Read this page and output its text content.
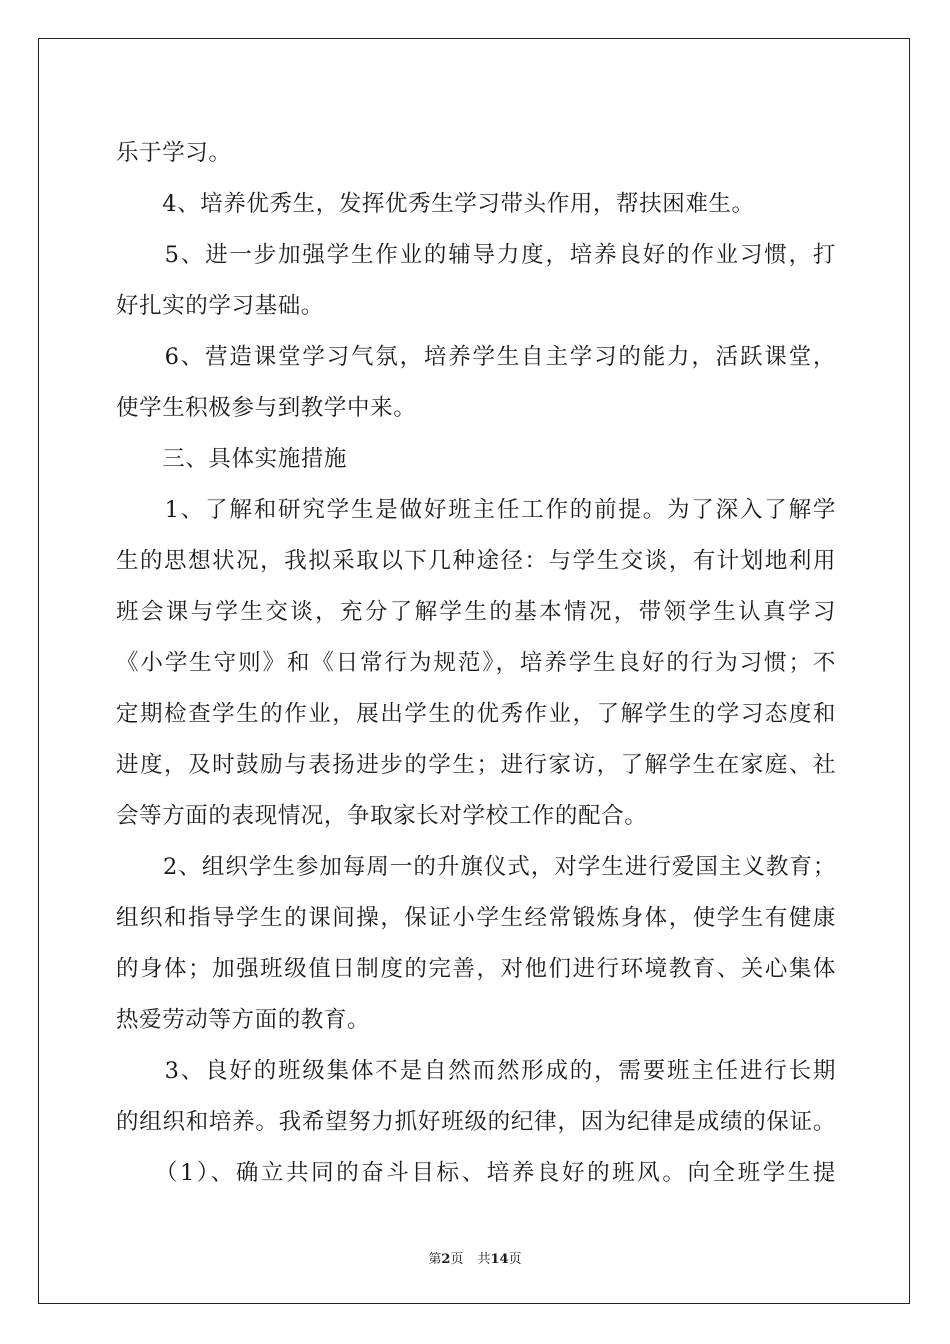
乐于学习。
　　4、培养优秀生，发挥优秀生学习带头作用，帮扶困难生。
　　5、进一步加强学生作业的辅导力度，培养良好的作业习惯，打
好扎实的学习基础。
　　6、营造课堂学习气氛，培养学生自主学习的能力，活跃课堂，
使学生积极参与到教学中来。
　　三、具体实施措施
　　1、了解和研究学生是做好班主任工作的前提。为了深入了解学
生的思想状况，我拟采取以下几种途径：与学生交谈，有计划地利用
班会课与学生交谈，充分了解学生的基本情况，带领学生认真学习
《小学生守则》和《日常行为规范》，培养学生良好的行为习惯；不
定期检查学生的作业，展出学生的优秀作业，了解学生的学习态度和
进度，及时鼓励与表扬进步的学生；进行家访，了解学生在家庭、社
会等方面的表现情况，争取家长对学校工作的配合。
　　2、组织学生参加每周一的升旗仪式，对学生进行爱国主义教育；
组织和指导学生的课间操，保证小学生经常锻炼身体，使学生有健康
的身体；加强班级值日制度的完善，对他们进行环境教育、关心集体
热爱劳动等方面的教育。
　　3、良好的班级集体不是自然而然形成的，需要班主任进行长期
的组织和培养。我希望努力抓好班级的纪律，因为纪律是成绩的保证。
　　（1）、确立共同的奋斗目标、培养良好的班风。向全班学生提
第2页 共14页
